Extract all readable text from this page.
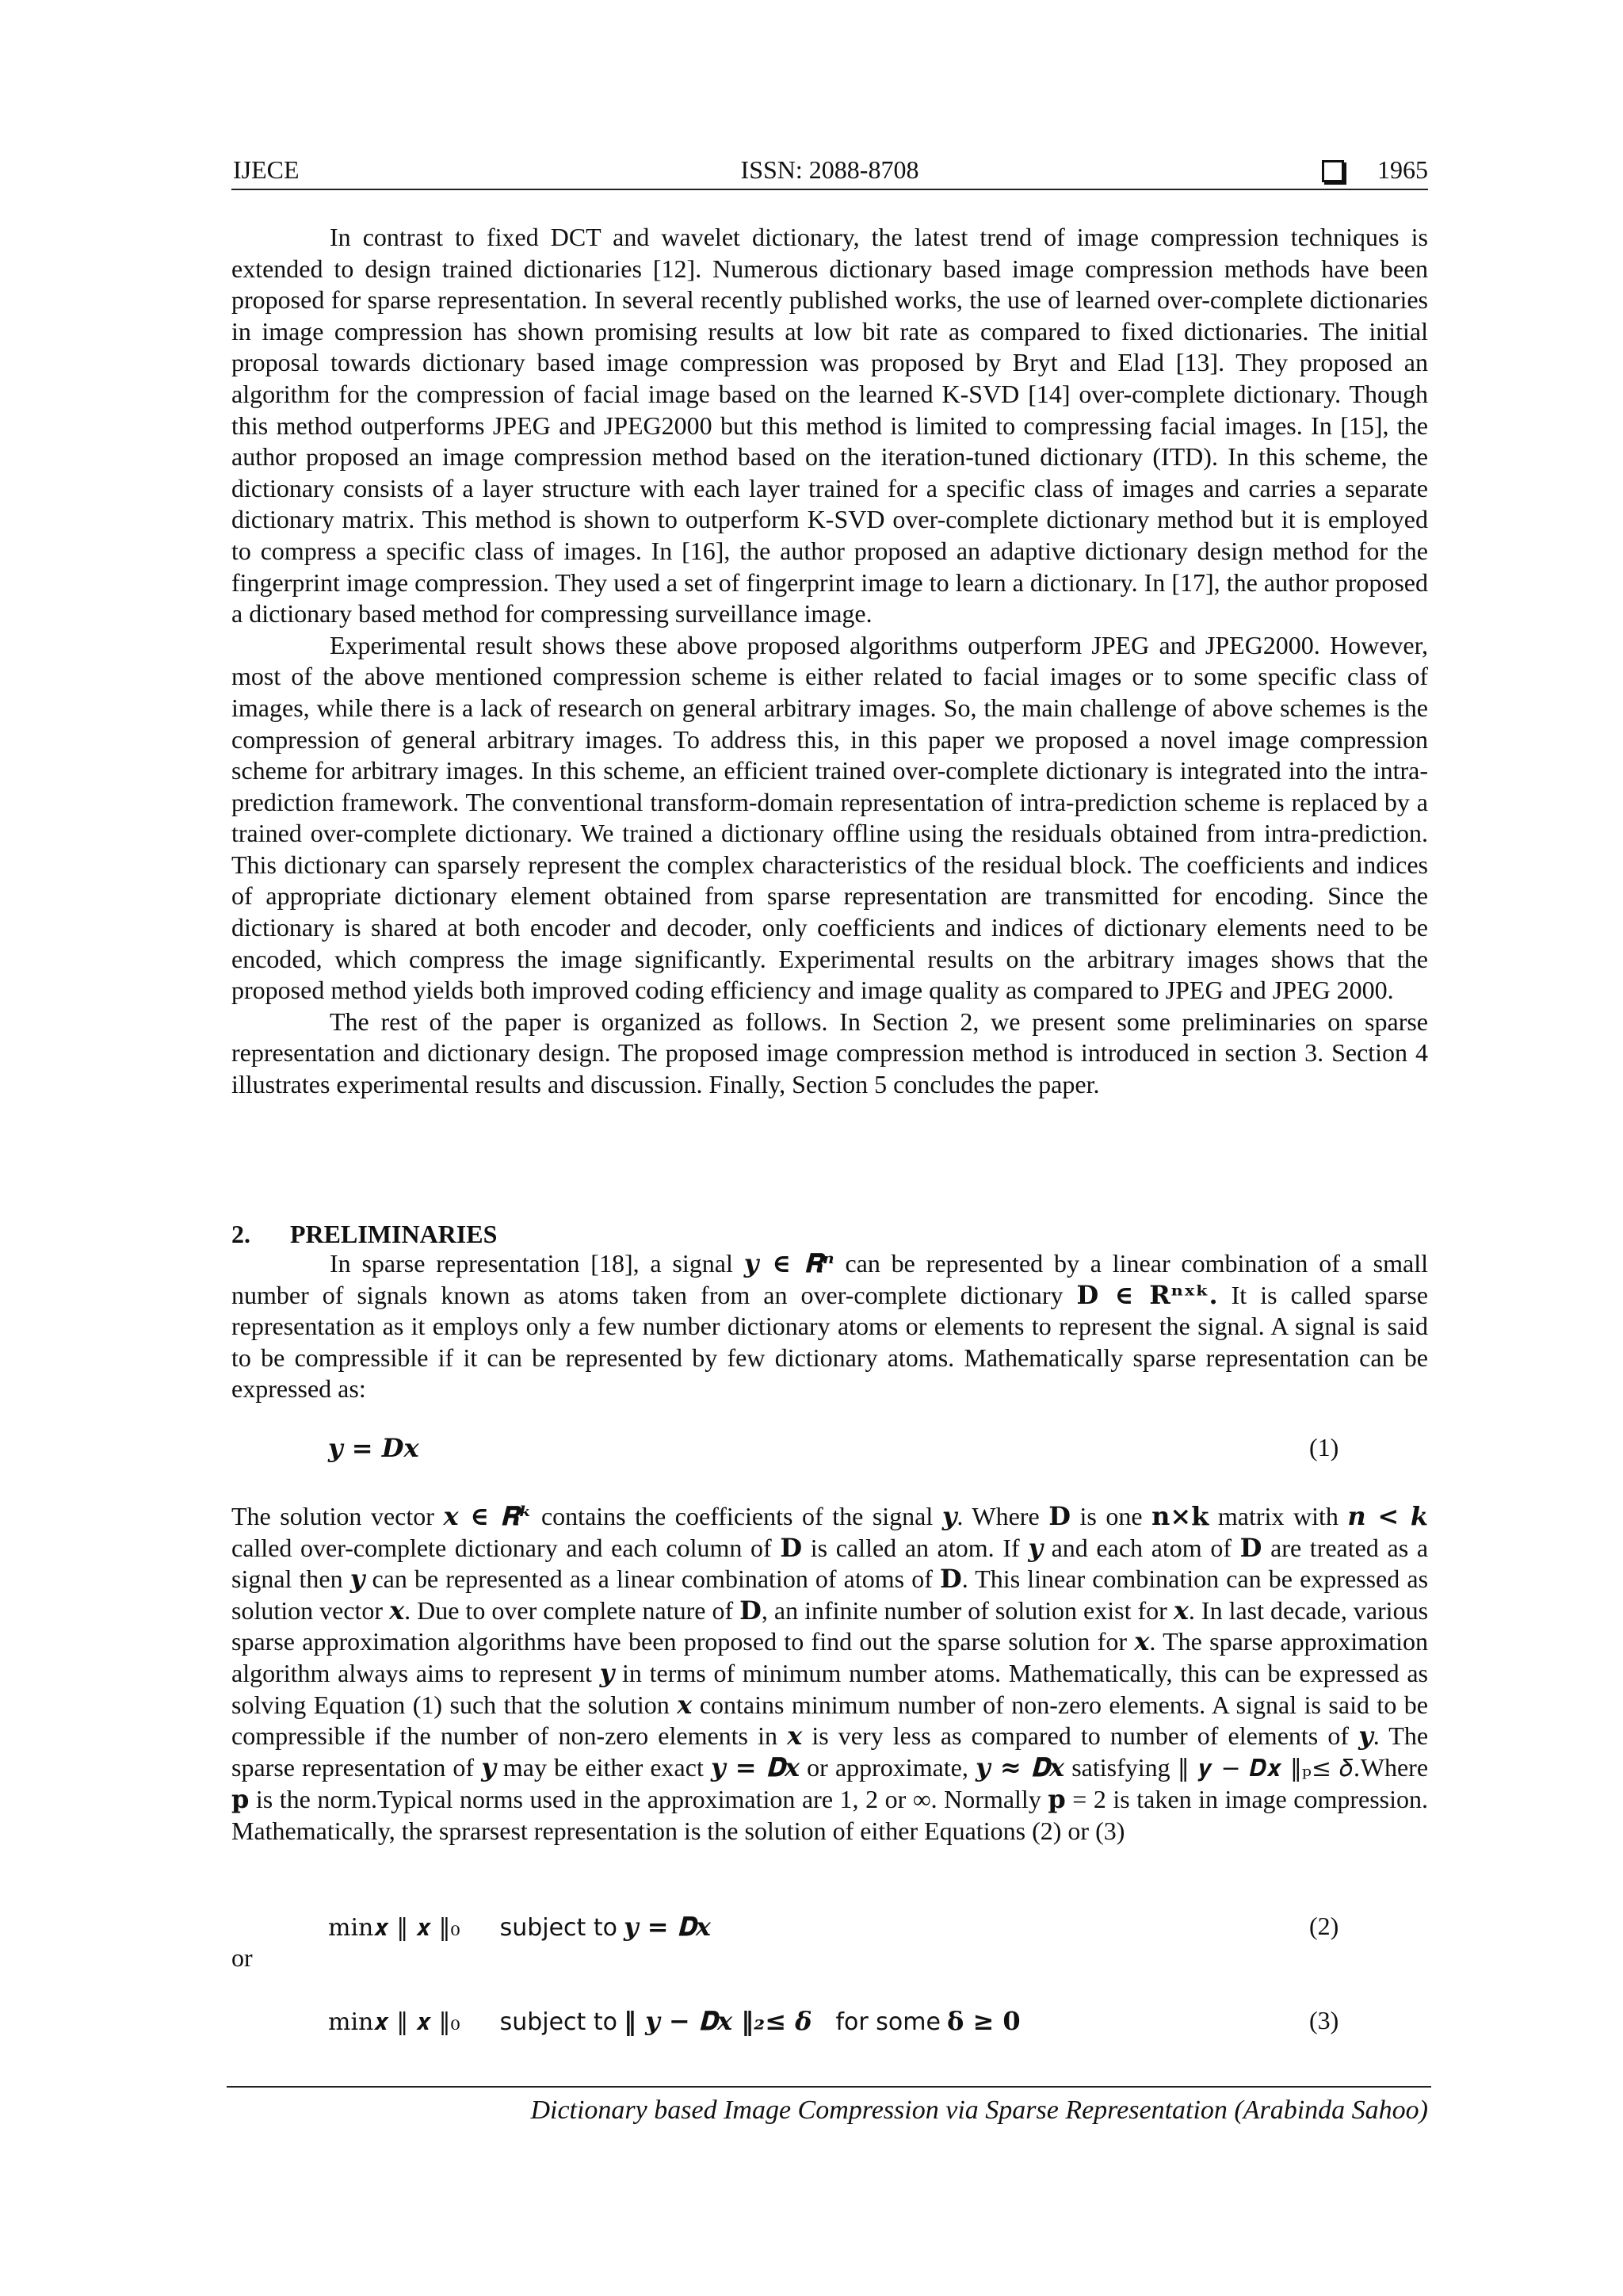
IJECE	ISSN: 2088-8708	1965

In contrast to fixed DCT and wavelet dictionary, the latest trend of image compression techniques is extended to design trained dictionaries [12]. Numerous dictionary based image compression methods have been proposed for sparse representation. In several recently published works, the use of learned over-complete dictionaries in image compression has shown promising results at low bit rate as compared to fixed dictionaries. The initial proposal towards dictionary based image compression was proposed by Bryt and Elad [13]. They proposed an algorithm for the compression of facial image based on the learned K-SVD [14] over-complete dictionary. Though this method outperforms JPEG and JPEG2000 but this method is limited to compressing facial images. In [15], the author proposed an image compression method based on the iteration-tuned dictionary (ITD). In this scheme, the dictionary consists of a layer structure with each layer trained for a specific class of images and carries a separate dictionary matrix. This method is shown to outperform K-SVD over-complete dictionary method but it is employed to compress a specific class of images. In [16], the author proposed an adaptive dictionary design method for the fingerprint image compression. They used a set of fingerprint image to learn a dictionary. In [17], the author proposed a dictionary based method for compressing surveillance image.

Experimental result shows these above proposed algorithms outperform JPEG and JPEG2000. However, most of the above mentioned compression scheme is either related to facial images or to some specific class of images, while there is a lack of research on general arbitrary images. So, the main challenge of above schemes is the compression of general arbitrary images. To address this, in this paper we proposed a novel image compression scheme for arbitrary images. In this scheme, an efficient trained over-complete dictionary is integrated into the intra-prediction framework. The conventional transform-domain representation of intra-prediction scheme is replaced by a trained over-complete dictionary. We trained a dictionary offline using the residuals obtained from intra-prediction. This dictionary can sparsely represent the complex characteristics of the residual block. The coefficients and indices of appropriate dictionary element obtained from sparse representation are transmitted for encoding. Since the dictionary is shared at both encoder and decoder, only coefficients and indices of dictionary elements need to be encoded, which compress the image significantly. Experimental results on the arbitrary images shows that the proposed method yields both improved coding efficiency and image quality as compared to JPEG and JPEG 2000.

The rest of the paper is organized as follows. In Section 2, we present some preliminaries on sparse representation and dictionary design. The proposed image compression method is introduced in section 3. Section 4 illustrates experimental results and discussion. Finally, Section 5 concludes the paper.

2. PRELIMINARIES

In sparse representation [18], a signal 𝒚 ∈ 𝐑ⁿ can be represented by a linear combination of a small number of signals known as atoms taken from an over-complete dictionary 𝐃 ∈ 𝐑ⁿˣᵏ. It is called sparse representation as it employs only a few number dictionary atoms or elements to represent the signal. A signal is said to be compressible if it can be represented by few dictionary atoms. Mathematically sparse representation can be expressed as:

y = Dx	(1)

The solution vector 𝒙 ∈ 𝐑ᵏ contains the coefficients of the signal 𝒚. Where 𝐃 is one 𝐧×𝐤 matrix with 𝒏 < 𝒌 called over-complete dictionary and each column of 𝐃 is called an atom. If 𝒚 and each atom of 𝐃 are treated as a signal then 𝒚 can be represented as a linear combination of atoms of 𝐃. This linear combination can be expressed as solution vector 𝒙. Due to over complete nature of 𝐃, an infinite number of solution exist for 𝒙. In last decade, various sparse approximation algorithms have been proposed to find out the sparse solution for 𝒙. The sparse approximation algorithm always aims to represent 𝒚 in terms of minimum number atoms. Mathematically, this can be expressed as solving Equation (1) such that the solution 𝒙 contains minimum number of non-zero elements. A signal is said to be compressible if the number of non-zero elements in 𝒙 is very less as compared to number of elements of 𝒚. The sparse representation of 𝒚 may be either exact 𝒚 = 𝐃𝒙 or approximate, 𝒚 ≈ 𝐃𝒙 satisfying ‖ 𝒚 − 𝑫𝒙 ‖ₚ≤ 𝛿.Where 𝐩 is the norm.Typical norms used in the approximation are 1, 2 or ∞. Normally 𝐩 = 2 is taken in image compression. Mathematically, the sprarsest representation is the solution of either Equations (2) or (3)

min𝒙 ‖ 𝒙 ‖₀ subject to 𝒚 = 𝐃𝒙	(2)
or
min𝒙 ‖ 𝒙 ‖₀ subject to ‖ 𝒚 − 𝐃𝒙 ‖₂≤ 𝜹 for some 𝛅 ≥ 𝟎	(3)
Dictionary based Image Compression via Sparse Representation (Arabinda Sahoo)
